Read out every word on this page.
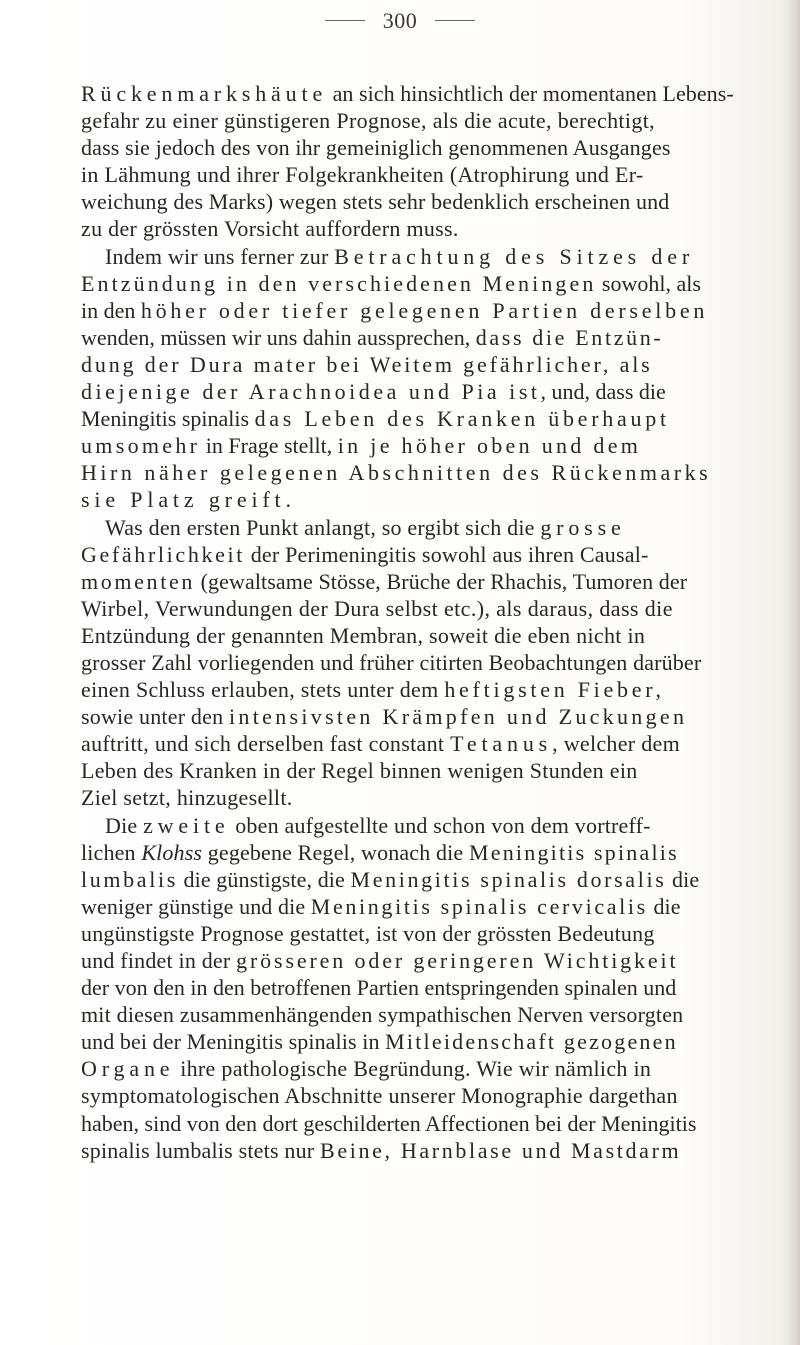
300
Rückenmarkshäute an sich hinsichtlich der momentanen Lebens-
gefahr zu einer günstigeren Prognose, als die acute, berechtigt,
dass sie jedoch des von ihr gemeiniglich genommenen Ausganges
in Lähmung und ihrer Folgekrankheiten (Atrophirung und Er-
weichung des Marks) wegen stets sehr bedenklich erscheinen und
zu der grössten Vorsicht auffordern muss.
Indem wir uns ferner zur Betrachtung des Sitzes der
Entzündung in den verschiedenen Meningen sowohl, als
in den höher oder tiefer gelegenen Partien derselben
wenden, müssen wir uns dahin aussprechen, dass die Entzün-
dung der Dura mater bei Weitem gefährlicher, als
diejenige der Arachnoidea und Pia ist, und, dass die
Meningitis spinalis das Leben des Kranken überhaupt
umsomehr in Frage stellt, in je höher oben und dem
Hirn näher gelegenen Abschnitten des Rückenmarks
sie Platz greift.
Was den ersten Punkt anlangt, so ergibt sich die grosse
Gefährlichkeit der Perimeningitis sowohl aus ihren Causal-
momenten (gewaltsame Stösse, Brüche der Rhachis, Tumoren der
Wirbel, Verwundungen der Dura selbst etc.), als daraus, dass die
Entzündung der genannten Membran, soweit die eben nicht in
grosser Zahl vorliegenden und früher citirten Beobachtungen darüber
einen Schluss erlauben, stets unter dem heftigsten Fieber,
sowie unter den intensivsten Krämpfen und Zuckungen
auftritt, und sich derselben fast constant Tetanus, welcher dem
Leben des Kranken in der Regel binnen wenigen Stunden ein
Ziel setzt, hinzugesellt.
Die zweite oben aufgestellte und schon von dem vortreff-
lichen Klohss gegebene Regel, wonach die Meningitis spinalis
lumbalis die günstigste, die Meningitis spinalis dorsalis die
weniger günstige und die Meningitis spinalis cervicalis die
ungünstigste Prognose gestattet, ist von der grössten Bedeutung
und findet in der grösseren oder geringeren Wichtigkeit
der von den in den betroffenen Partien entspringenden spinalen und
mit diesen zusammenhängenden sympathischen Nerven versorgten
und bei der Meningitis spinalis in Mitleidenschaft gezogenen
Organe ihre pathologische Begründung. Wie wir nämlich in
symptomatologischen Abschnitte unserer Monographie dargethan
haben, sind von den dort geschilderten Affectionen bei der Meningitis
spinalis lumbalis stets nur Beine, Harnblase und Mastdarm
